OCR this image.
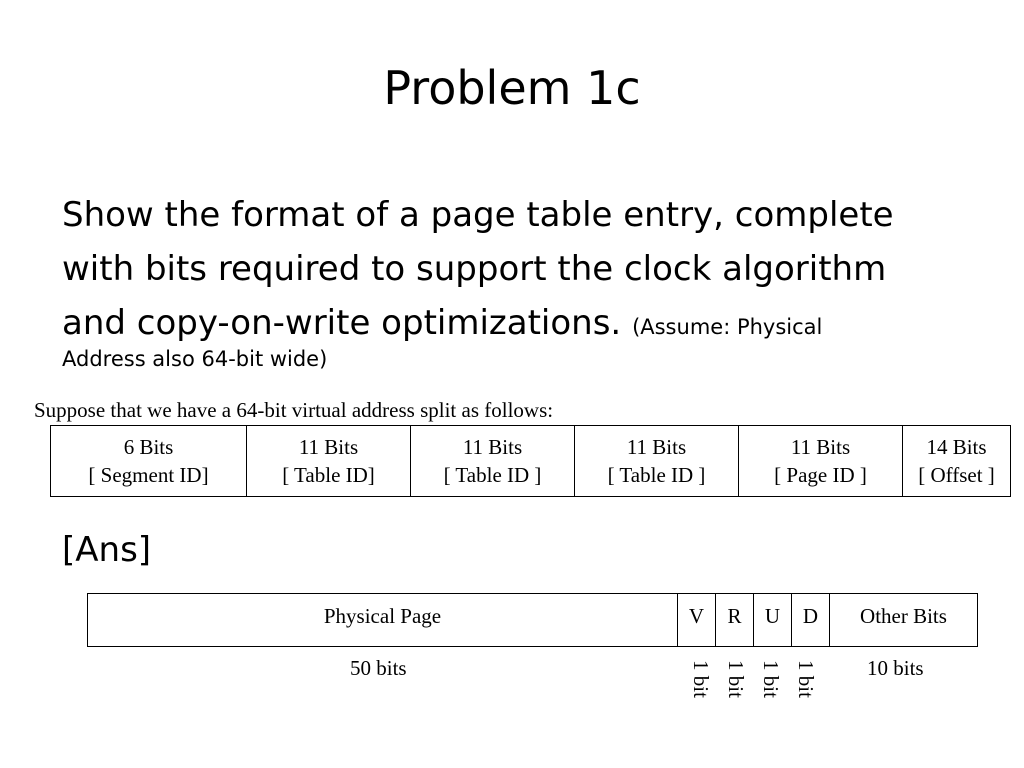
Problem 1c
Show the format of a page table entry, complete
with bits required to support the clock algorithm
and copy-on-write optimizations. (Assume: Physical
Address also 64-bit wide)
Suppose that we have a 64-bit virtual address split as follows:
6 Bits
[ Segment ID]

11 Bits
[ Table ID]

11 Bits
[ Table ID ]

11 Bits
[ Table ID ]

11 Bits
[ Page ID ]

14 Bits
[ Offset ]
[Ans]
Physical Page	V	R	U	D	Other Bits
50 bits	1 bit 1 bit 1 bit 1 bit 10 bits
